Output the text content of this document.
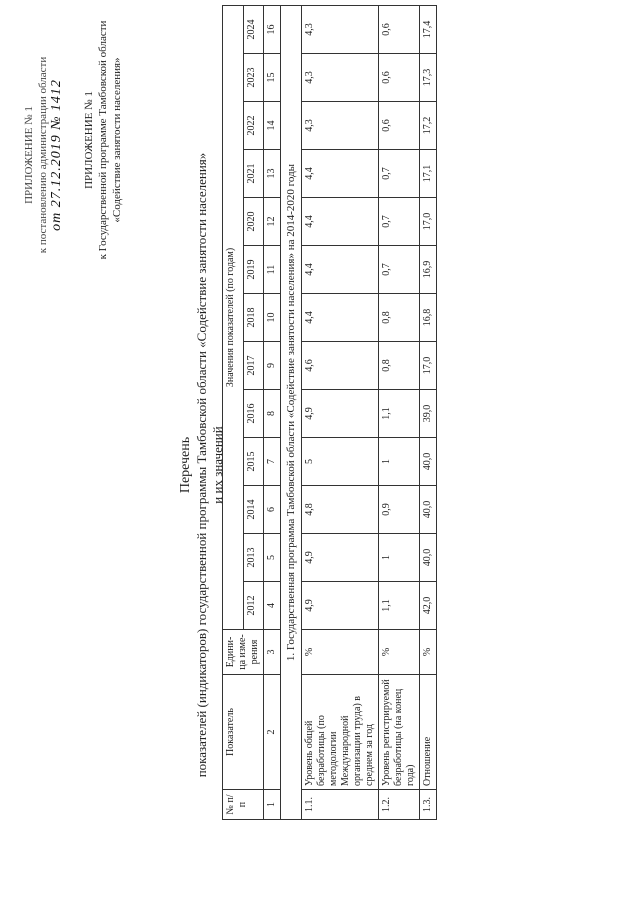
ПРИЛОЖЕНИЕ № 1 к постановлению администрации области от 27.12.2019 № 1412 ПРИЛОЖЕНИЕ № 1 к Государственной программе Тамбовской области «Содействие занятости населения»
Перечень показателей (индикаторов) государственной программы Тамбовской области «Содействие занятости населения» и их значений
№ п/п	Показатель	Едини-ца изме-рения	Значения показателей (по годам)												
			2012	2013	2014	2015	2016	2017	2018	2019	2020	2021	2022	2023	2024
1	2	3	4	5	6	7	8	9	10	11	12	13	14	15	16
1. Государственная программа Тамбовской области «Содействие занятости населения» на 2014-2020 годы															
1.1.	Уровень общей безработицы (по методологии Международной организации труда) в среднем за год	%	4,9	4,9	4,8	5	4,9	4,6	4,4	4,4	4,4	4,4	4,3	4,3	4,3
1.2.	Уровень регистрируемой безработицы (на конец года)	%	1,1	1	0,9	1	1,1	0,8	0,8	0,7	0,7	0,7	0,6	0,6	0,6
1.3.	Отношение	%	42,0	40,0	40,0	40,0	39,0	17,0	16,8	16,9	17,0	17,1	17,2	17,3	17,4
